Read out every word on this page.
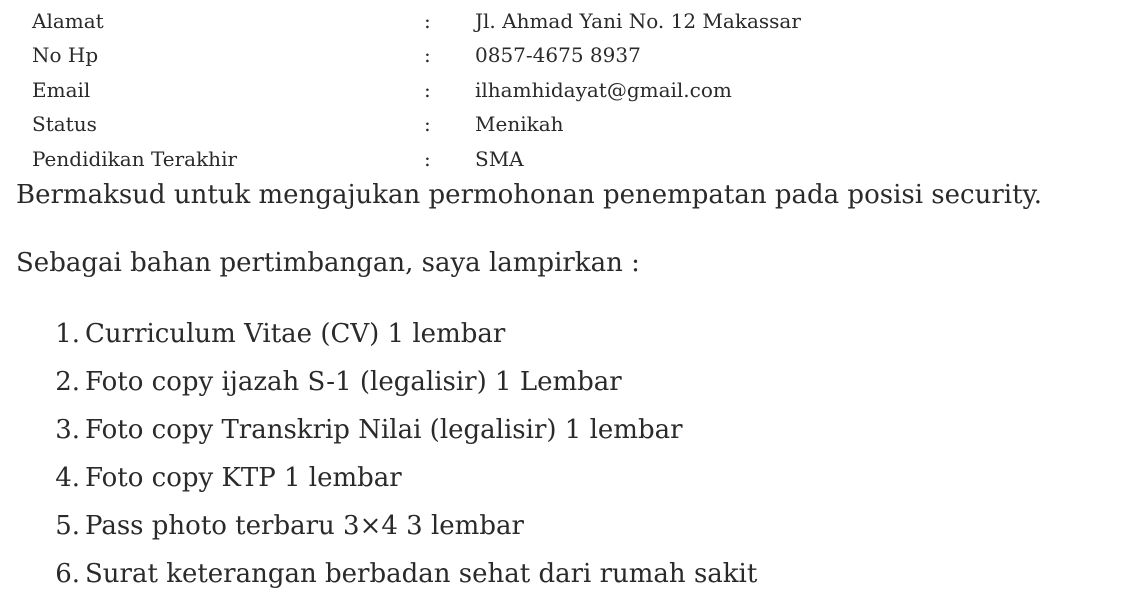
Alamat	: Jl. Ahmad Yani No. 12 Makassar
No Hp	: 0857-4675 8937
Email	: ilhamhidayat@gmail.com
Status	: Menikah
Pendidikan Terakhir	: SMA

Bermaksud untuk mengajukan permohonan penempatan pada posisi security.

Sebagai bahan pertimbangan, saya lampirkan :

1. Curriculum Vitae (CV) 1 lembar
2. Foto copy ijazah S-1 (legalisir) 1 Lembar
3. Foto copy Transkrip Nilai (legalisir) 1 lembar
4. Foto copy KTP 1 lembar
5. Pass photo terbaru 3×4 3 lembar
6. Surat keterangan berbadan sehat dari rumah sakit
